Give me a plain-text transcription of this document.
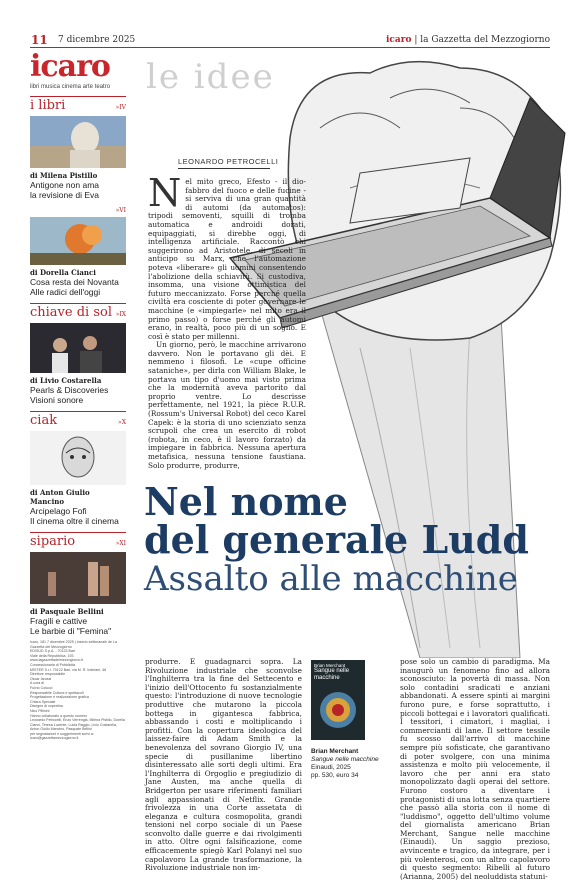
11 7 dicembre 2025	icaro | la Gazzetta del Mezzogiorno
icaro
libri musica cinema arte teatro
i libri	»IV
di Milena Pistillo
Antigone non ama
la revisione di Eva
»VI
di Dorella Cianci
Cosa resta dei Novanta
Alle radici dell'oggi
chiave di sol »IX
di Livio Costarella
Pearls & Discoveries
Visioni sonore
ciak	»X
di Anton Giulio Mancino
Arcipelago Fofi
Il cinema oltre il cinema
sipario	»XI
di Pasquale Bellini
Fragili e cattive
Le barbie di "Femina"
Icaro, 181 7 dicembre 2025 | Inserto settimanale de La Gazzetta del Mezzogiorno
EDISUD S.p.A. - 70123 Bari
Viale della Repubblica, 193
www.lagazzettadelmezzogiorno.it
Concessionaria di Pubblicità
MISTER S.r.l. 70122 Bari, via M. R. Imbriani, 48
Direttore responsabile
Oscar Iarussi
A cura di
Fulvio Colucci
Responsabile Cultura e spettacoli
Progettazione e realizzazione grafica
Chiara Speciale
Disegno di copertina
Nico Pillinini
Hanno collaborato a questo numero
Leonardo Petrocelli, Enzo Verrengia, Milena Pistillo, Dorella Cianci, Teresa Lucente, Lucia Raggio, Livio Costarella, Anton Giulio Mancino, Pasquale Bellini
per segnalazioni e suggerimenti scrivi a:
icaro@gazzettamezzogiorno.it
le idee
LEONARDO PETROCELLI
N el mito greco, Efesto - il dio-fabbro del fuoco e delle fucine - si serviva di una gran quantità di automi (da automatos): tripodi semoventi, squilli di tromba automatica e androidi dorati, equipaggiati, si direbbe oggi, di intelligenza artificiale. Raccontò chi suggerirono ad Aristotele, di secoli in anticipo su Marx, che l'automazione poteva «liberare» gli uomini consentendo l'abolizione della schiavitù. Si custodiva, insomma, una visione ottimistica del futuro meccanizzato. Forse perché quella civiltà era cosciente di poter governare le macchine (e «impiegarle» nel mito era il primo passo) o forse perché gli automi erano, in realtà, poco più di un sogno. E così è stato per millenni.
Un giorno, però, le macchine arrivarono davvero. Non le portavano gli dèi. E nemmeno i filosofi. Le «cupe officine sataniche», per dirla con William Blake, le portava un tipo d'uomo mai visto prima che la modernità aveva partorito dal proprio ventre. Lo descrisse perfettamente, nel 1921, la pièce R.U.R. (Rossum's Universal Robot) del ceco Karel Capek: è la storia di uno scienziato senza scrupoli che crea un esercito di robot (robota, in ceco, è il lavoro forzato) da impiegare in fabbrica. Nessuna apertura metafisica, nessuna tensione faustiana. Solo produrre, produrre,
Nel nome
del generale Ludd
Assalto alle macchine
produrre. E guadagnarci sopra. La Rivoluzione industriale che sconvolse l'Inghilterra tra la fine del Settecento e l'inizio dell'Ottocento fu sostanzialmente questo: l'introduzione di nuove tecnologie produttive che mutarono la piccola bottega in gigantesca fabbrica, abbassando i costi e moltiplicando i profitti. Con la copertura ideologica del laissez-faire di Adam Smith e la benevolenza del sovrano Giorgio IV, una specie di pusillanime libertino disinteressato alle sorti degli ultimi. Era l'Inghilterra di Orgoglio e pregiudizio di Jane Austen, ma anche quella di Bridgerton per usare riferimenti familiari agli appassionati di Netflix. Grande frivolezza in una Corte assetata di eleganza e cultura cosmopolita, grandi tensioni nel corpo sociale di un Paese sconvolto dalle guerre e dai rivolgimenti in atto. Oltre ogni falsificazione, come efficacemente spiegò Karl Polanyi nel suo capolavoro La grande trasformazione, la Rivoluzione industriale non im-
Brian Merchant
Sangue nelle macchine
Brian Merchant
Sangue nelle macchine
Einaudi, 2025
pp. 530, euro 34
pose solo un cambio di paradigma. Ma inaugurò un fenomeno fino ad allora sconosciuto: la povertà di massa. Non solo contadini sradicati e anziani abbandonati. A essere spinti ai margini furono pure, e forse soprattutto, i piccoli bottegai e i lavoratori qualificati. I tessitori, i cimatori, i magliai, i commercianti di lane. Il settore tessile fu scosso dall'arrivo di macchine sempre più sofisticate, che garantivano di poter svolgere, con una minima assistenza e molto più velocemente, il lavoro che per anni era stato monopolizzato dagli operai del settore. Furono costoro a diventare i protagonisti di una lotta senza quartiere che passò alla storia con il nome di "luddismo", oggetto dell'ultimo volume del giornalista americano Brian Merchant, Sangue nelle macchine (Einaudi). Un saggio prezioso, avvincente e tragico, da integrare, per i più volenterosi, con un altro capolavoro di questo segmento: Ribelli al futuro (Arianna, 2005) del neoluddista statuni-
